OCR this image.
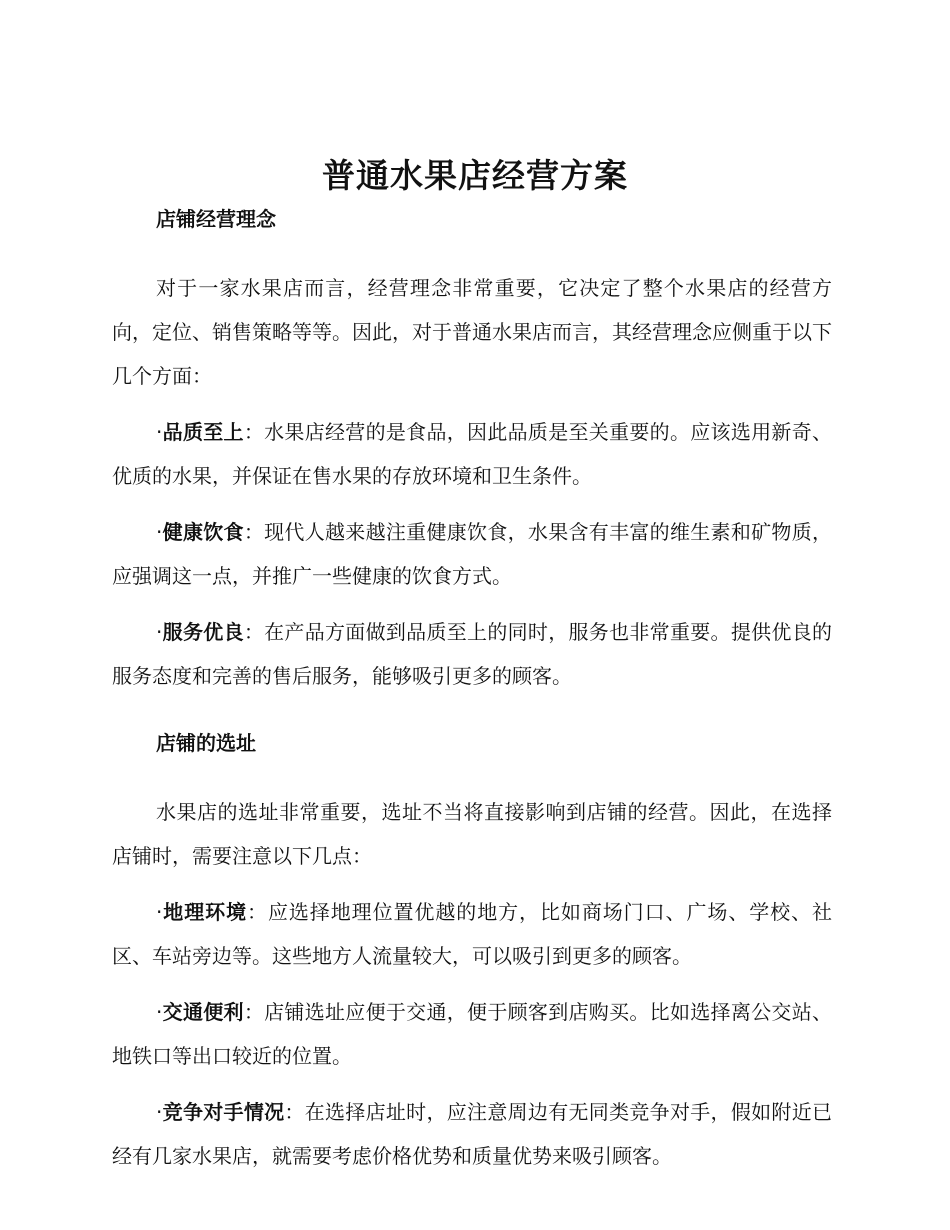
普通水果店经营方案
店铺经营理念

对于一家水果店而言，经营理念非常重要，它决定了整个水果店的经营方向，定位、销售策略等等。因此，对于普通水果店而言，其经营理念应侧重于以下几个方面：

·品质至上：水果店经营的是食品，因此品质是至关重要的。应该选用新奇、优质的水果，并保证在售水果的存放环境和卫生条件。

·健康饮食：现代人越来越注重健康饮食，水果含有丰富的维生素和矿物质，应强调这一点，并推广一些健康的饮食方式。

·服务优良：在产品方面做到品质至上的同时，服务也非常重要。提供优良的服务态度和完善的售后服务，能够吸引更多的顾客。

店铺的选址

水果店的选址非常重要，选址不当将直接影响到店铺的经营。因此，在选择店铺时，需要注意以下几点：

·地理环境：应选择地理位置优越的地方，比如商场门口、广场、学校、社区、车站旁边等。这些地方人流量较大，可以吸引到更多的顾客。

·交通便利：店铺选址应便于交通，便于顾客到店购买。比如选择离公交站、地铁口等出口较近的位置。

·竞争对手情况：在选择店址时，应注意周边有无同类竞争对手，假如附近已经有几家水果店，就需要考虑价格优势和质量优势来吸引顾客。
